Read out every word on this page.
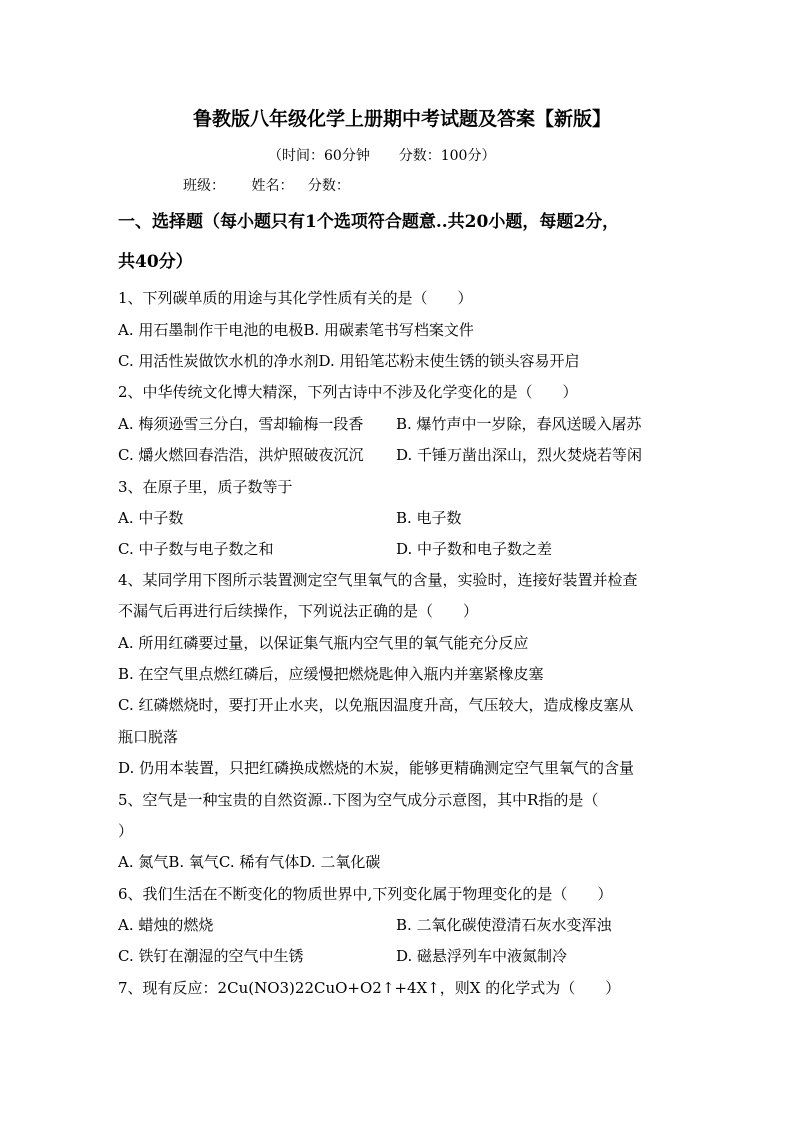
鲁教版八年级化学上册期中考试题及答案【新版】
（时间：60分钟 分数：100分）
班级： 姓名： 分数：
一、选择题（每小题只有1个选项符合题意..共20小题，每题2分，
共40分）
1、下列碳单质的用途与其化学性质有关的是（　　）
A. 用石墨制作干电池的电极B. 用碳素笔书写档案文件
C. 用活性炭做饮水机的净水剂D. 用铅笔芯粉末使生锈的锁头容易开启
2、中华传统文化博大精深，下列古诗中不涉及化学变化的是（　　）
A. 梅须逊雪三分白，雪却输梅一段香 B. 爆竹声中一岁除，春风送暖入屠苏
C. 爝火燃回春浩浩，洪炉照破夜沉沉 D. 千锤万凿出深山，烈火焚烧若等闲
3、在原子里，质子数等于
A. 中子数	B. 电子数
C. 中子数与电子数之和	D. 中子数和电子数之差
4、某同学用下图所示装置测定空气里氧气的含量，实验时，连接好装置并检查
不漏气后再进行后续操作，下列说法正确的是（　　）
A. 所用红磷要过量，以保证集气瓶内空气里的氧气能充分反应
B. 在空气里点燃红磷后，应缓慢把燃烧匙伸入瓶内并塞紧橡皮塞
C. 红磷燃烧时，要打开止水夹，以免瓶因温度升高，气压较大，造成橡皮塞从
瓶口脱落
D. 仍用本装置，只把红磷换成燃烧的木炭，能够更精确测定空气里氧气的含量
5、空气是一种宝贵的自然资源..下图为空气成分示意图，其中R指的是（
）
A. 氮气B. 氧气C. 稀有气体D. 二氧化碳
6、我们生活在不断变化的物质世界中,下列变化属于物理变化的是（　　）
A. 蜡烛的燃烧	B. 二氧化碳使澄清石灰水变浑浊
C. 铁钉在潮湿的空气中生锈	D. 磁悬浮列车中液氮制冷
7、现有反应：2Cu(NO3)22CuO+O2↑+4X↑，则X 的化学式为（　　）
